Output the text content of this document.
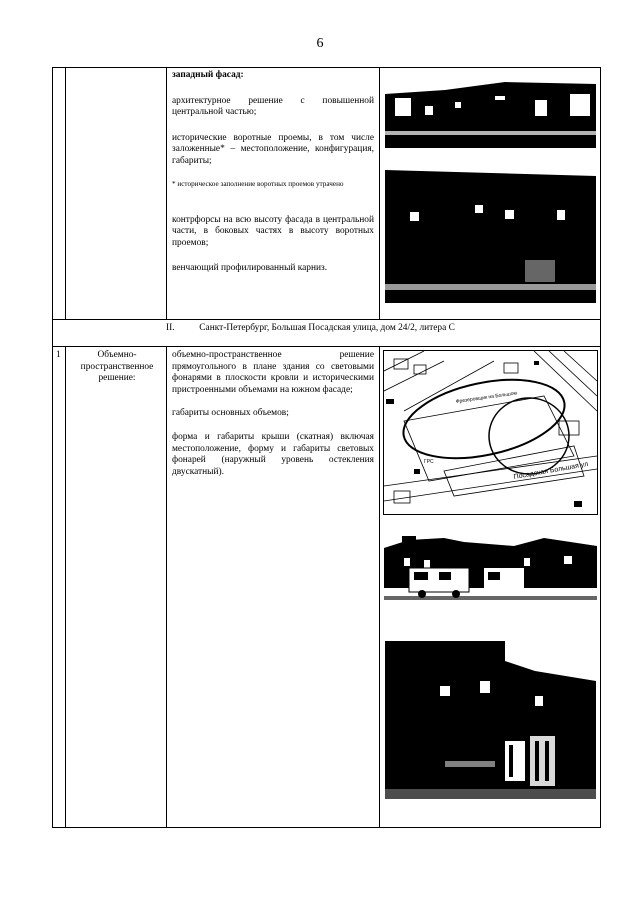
6

западный фасад:

архитектурное решение с повышенной центральной частью;

исторические воротные проемы, в том числе заложенные* – местоположение, конфигурация, габариты;

* историческое заполнение воротных проемов утрачено

контрфорсы на всю высоту фасада в центральной части, в боковых частях в высоту воротных проемов;

венчающий профилированный карниз.

II.	Санкт-Петербург, Большая Посадская улица, дом 24/2, литера С
1	Объемно-пространственное решение:

объемно-пространственное решение прямоугольного в плане здания со световыми фонарями в плоскости кровли и историческими пристроенными объемами на южном фасаде;

габариты основных объемов;

форма и габариты крыши (скатная) включая местоположение, форму и габариты световых фонарей (наружный уровень остекления двускатный).

Фрезеровщик на Большом
Посадская Большая ул
ГРС
